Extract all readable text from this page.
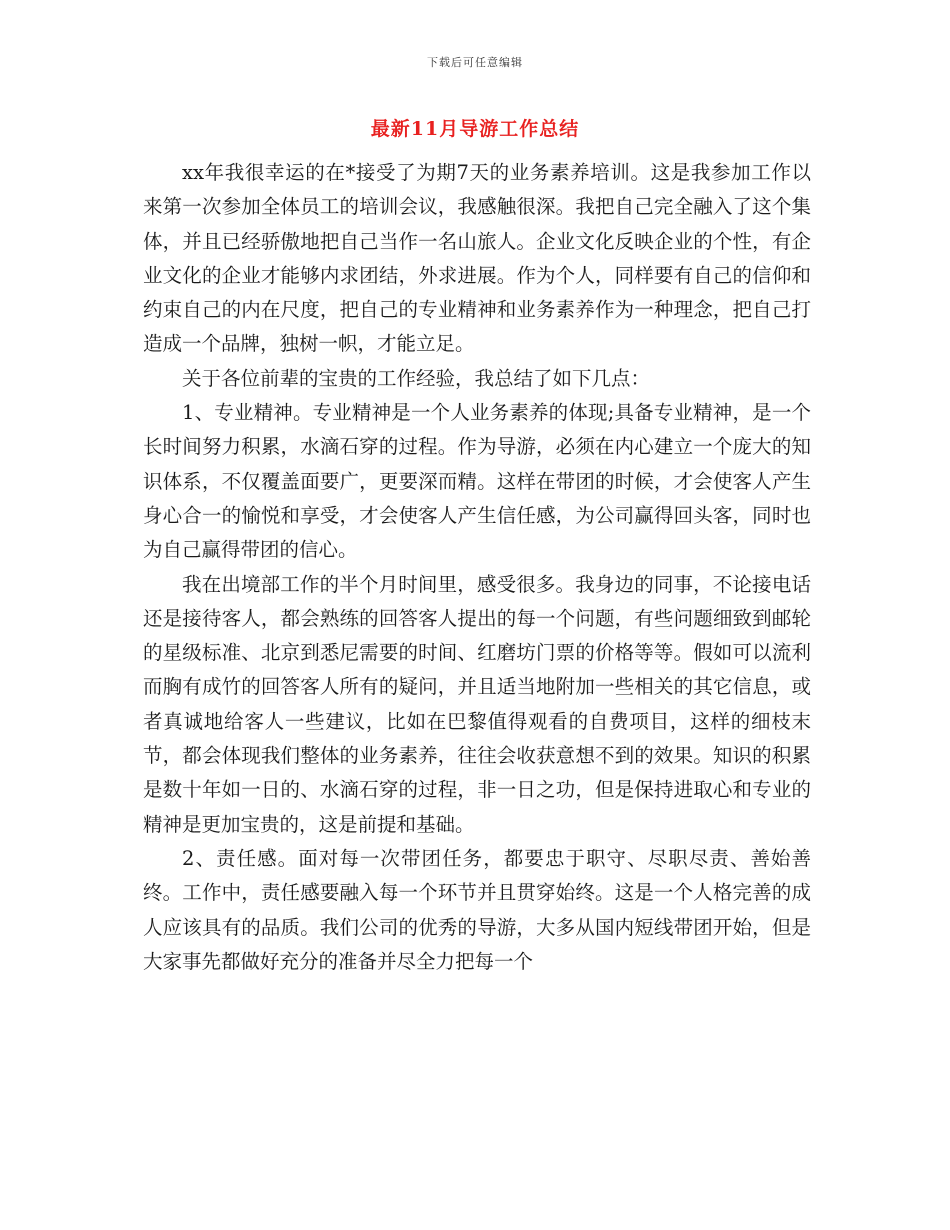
下载后可任意编辑
最新11月导游工作总结

xx年我很幸运的在*接受了为期7天的业务素养培训。这是我参加工作以来第一次参加全体员工的培训会议，我感触很深。我把自己完全融入了这个集体，并且已经骄傲地把自己当作一名山旅人。企业文化反映企业的个性，有企业文化的企业才能够内求团结，外求进展。作为个人，同样要有自己的信仰和约束自己的内在尺度，把自己的专业精神和业务素养作为一种理念，把自己打造成一个品牌，独树一帜，才能立足。

关于各位前辈的宝贵的工作经验，我总结了如下几点：

1、专业精神。专业精神是一个人业务素养的体现;具备专业精神，是一个长时间努力积累，水滴石穿的过程。作为导游，必须在内心建立一个庞大的知识体系，不仅覆盖面要广，更要深而精。这样在带团的时候，才会使客人产生身心合一的愉悦和享受，才会使客人产生信任感，为公司赢得回头客，同时也为自己赢得带团的信心。

我在出境部工作的半个月时间里，感受很多。我身边的同事，不论接电话还是接待客人，都会熟练的回答客人提出的每一个问题，有些问题细致到邮轮的星级标准、北京到悉尼需要的时间、红磨坊门票的价格等等。假如可以流利而胸有成竹的回答客人所有的疑问，并且适当地附加一些相关的其它信息，或者真诚地给客人一些建议，比如在巴黎值得观看的自费项目，这样的细枝末节，都会体现我们整体的业务素养，往往会收获意想不到的效果。知识的积累是数十年如一日的、水滴石穿的过程，非一日之功，但是保持进取心和专业的精神是更加宝贵的，这是前提和基础。

2、责任感。面对每一次带团任务，都要忠于职守、尽职尽责、善始善终。工作中，责任感要融入每一个环节并且贯穿始终。这是一个人格完善的成人应该具有的品质。我们公司的优秀的导游，大多从国内短线带团开始，但是大家事先都做好充分的准备并尽全力把每一个
